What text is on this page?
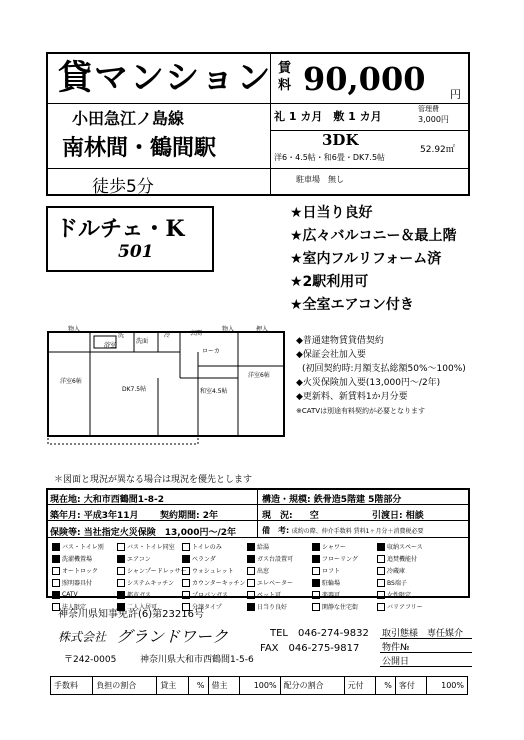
貸マンション 賃料 90,000 円
小田急江ノ島線
南林間・鶴間駅
徒歩5分
礼 1 カ月　敷 1 カ月
管理費
3,000円
3DK
洋6・4.5帖・和6畳・DK7.5帖
52.92㎡
駐車場　無し
ドルチェ・K
501
★日当り良好
★広々バルコニー＆最上階
★室内フルリフォーム済
★2駅利用可
★全室エアコン付き
物入
浴室
洗面
洗	冷	玄関
物入	押入
ローカ
洋室6帖
DK7.5帖	和室4.5帖
洋室6帖
◆普通建物賃貸借契約
◆保証会社加入要
(初回契約時:月額支払総額50%〜100%)
◆火災保険加入要(13,000円〜/2年)
◆更新料、新賃料1か月分要
※CATVは別途有料契約が必要となります
＊図面と現況が異なる場合は現況を優先とします
現在地: 大和市西鶴間1-8-2	構造・規模: 鉄骨造5階建 5階部分
築年月: 平成3年11月 契約期間: 2年	現　況: 空	引渡日: 相談
保険等: 当社指定火災保険　13,000円〜/2年	備　考: 成約の際、仲介手数料 賃料1ヶ月分＋消費税必要
バス・トイレ別	バス・トイレ同室	トイレのみ	給湯	シャワー	収納スペース
洗濯機置場	エアコン	ベランダ	ガス台設置可	フローリング	追焚機能付
オートロック	シャンプードレッサー ウォシュレット	出窓	ロフト	冷蔵庫
照明器具付	システムキッチン	カウンターキッチン エレベーター	駐輪場	BS端子
CATV	都市ガス	プロパンガス	ペット可	楽器可	女性限定
法人限定	二人入居可	分譲タイプ	日当り良好	閑静な住宅街	バリアフリー
神奈川県知事免許(6)第23216号
株式会社 グランドワーク	TEL　046-274-9832
FAX　046-275-9817
〒242-0005	神奈川県大和市西鶴間1-5-6
取引態様　 専任媒介
物件№
公開日
手数料	負担の割合	貸主	%	借主	100%	配分の割合	元付	%	客付	100%
